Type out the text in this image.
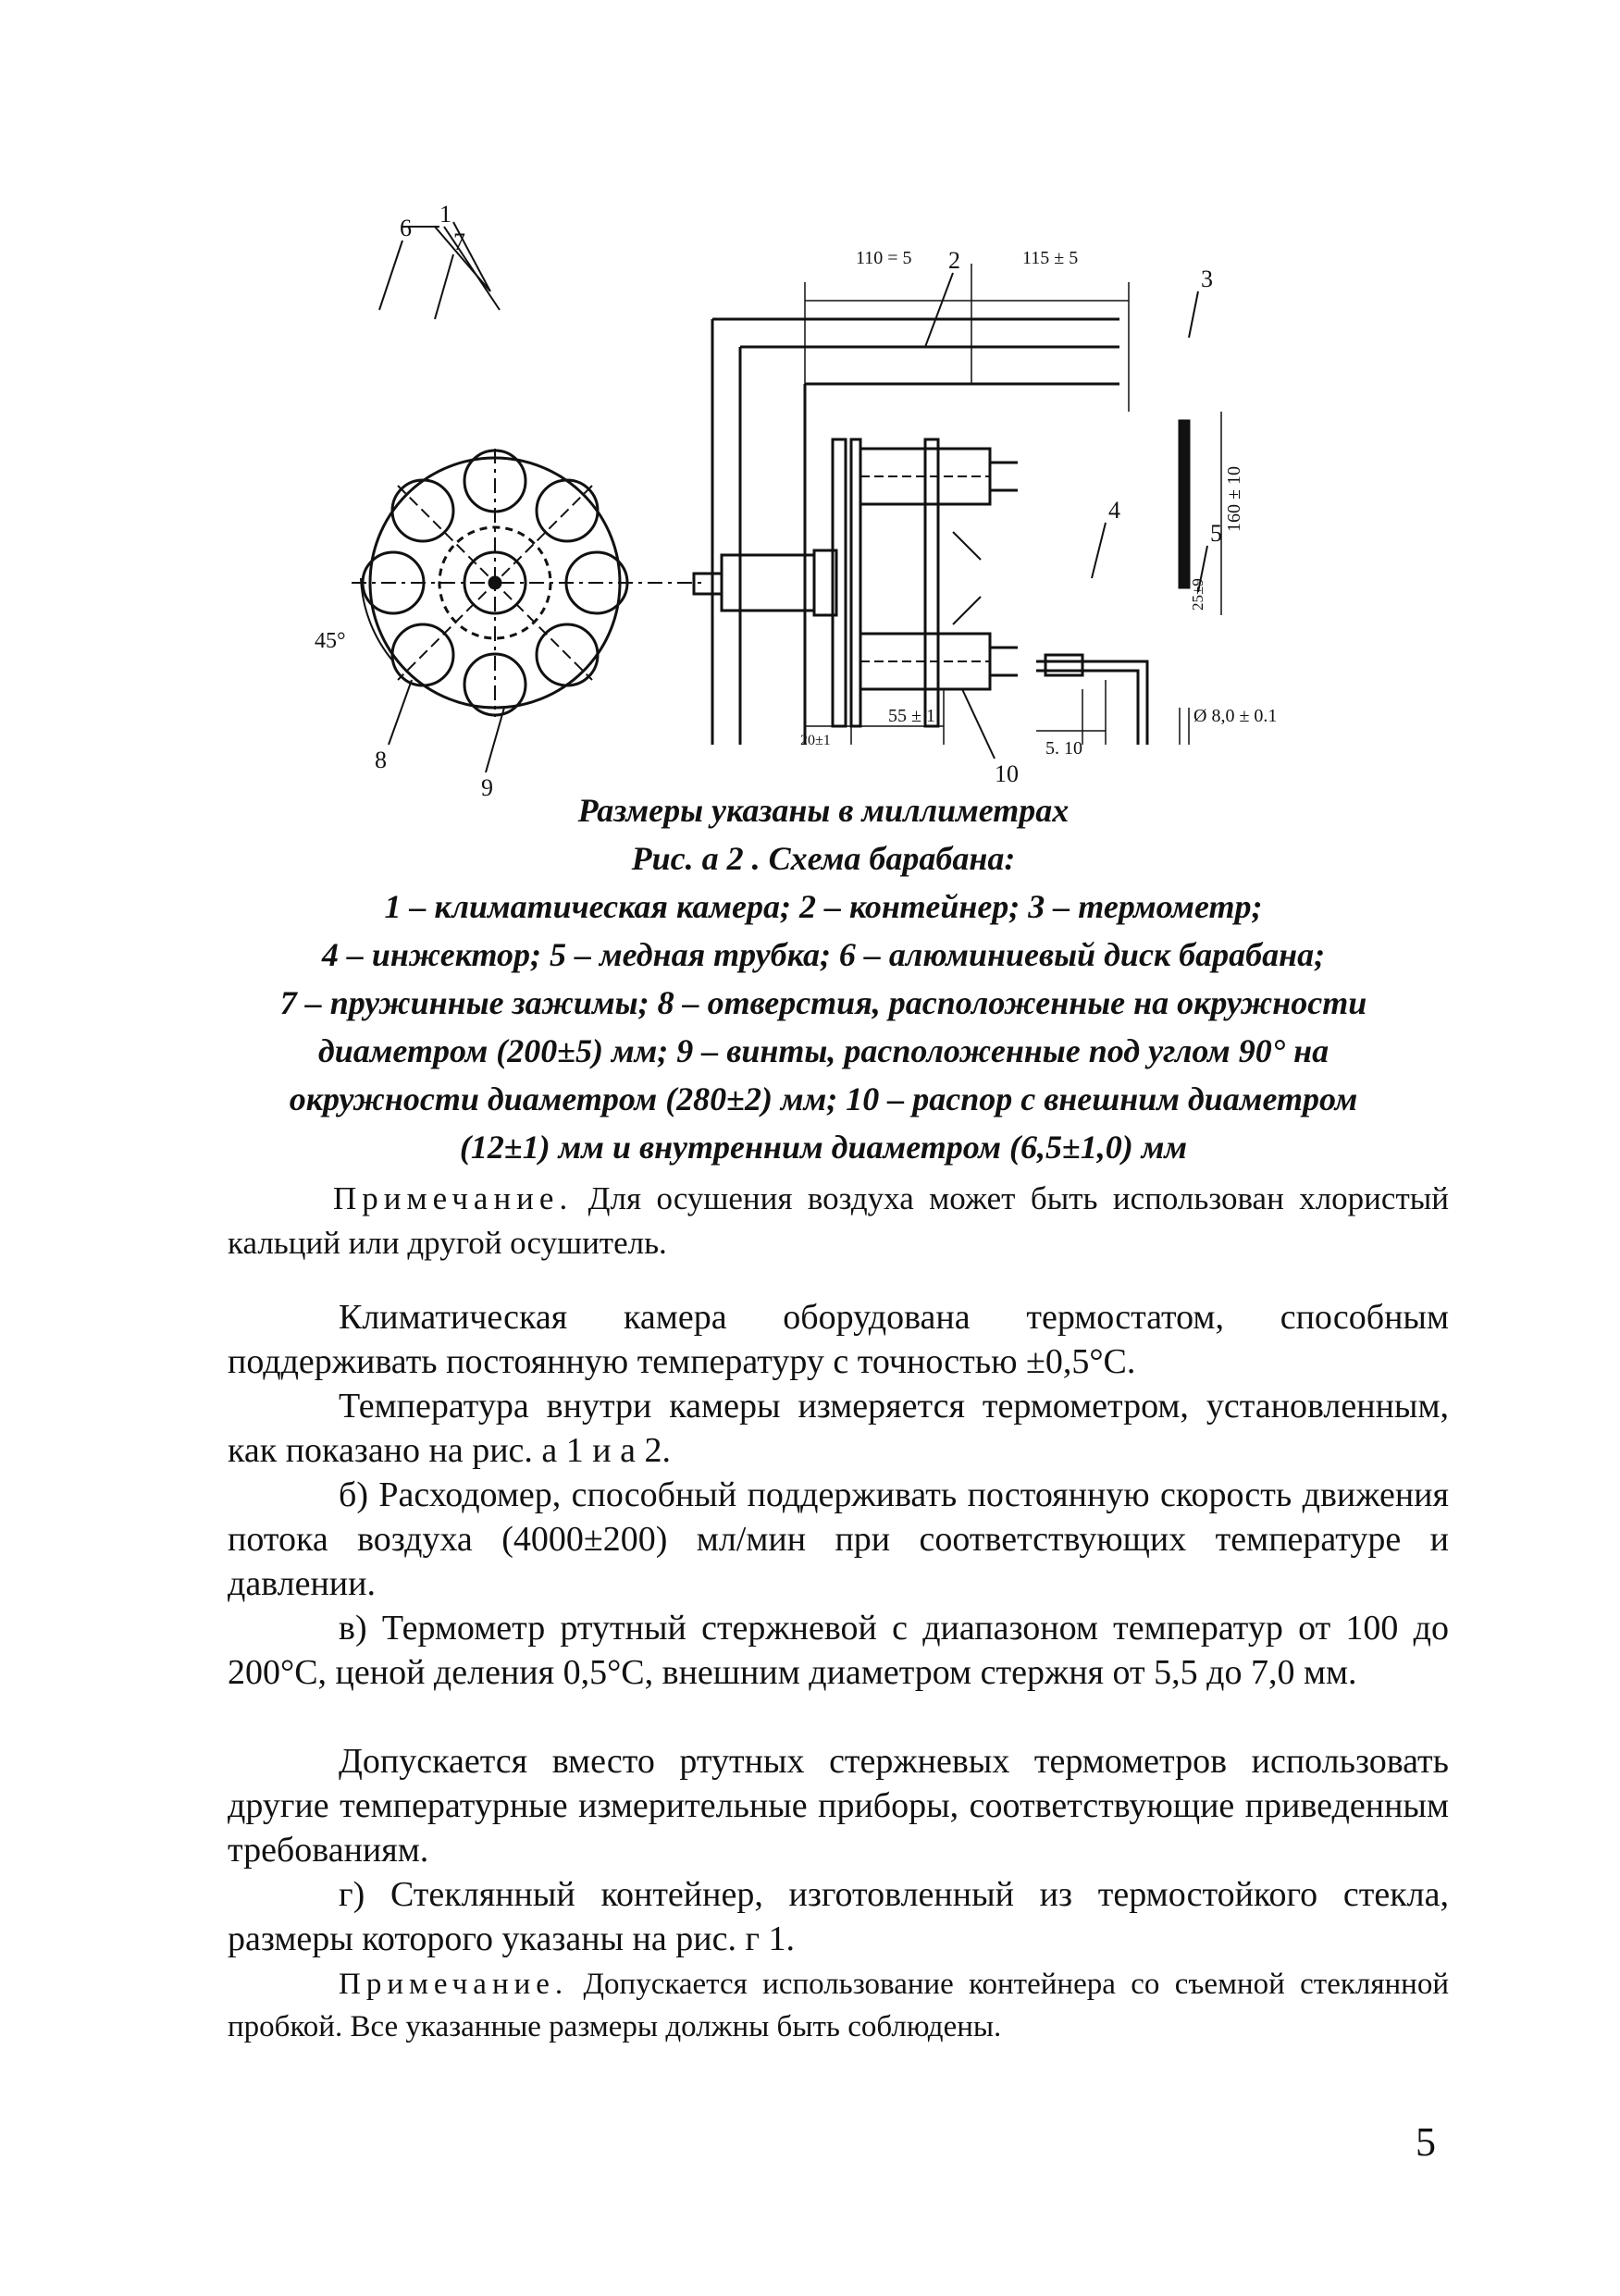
1
2
3
4
5
6
7
8
9
10
45°
110 = 5	115 ± 5
55 ± 1
20±1	5. 10
Ø 8,0 ± 0.1
160 ± 10
25±9
Размеры указаны в миллиметрах
Рис. а 2 . Схема барабана:
1 – климатическая камера; 2 – контейнер; 3 – термометр;
4 – инжектор; 5 – медная трубка; 6 – алюминиевый диск барабана;
7 – пружинные зажимы; 8 – отверстия, расположенные на окружности
диаметром (200±5) мм; 9 – винты, расположенные под углом 90° на
окружности диаметром (280±2) мм; 10 – распор с внешним диаметром
(12±1) мм и внутренним диаметром (6,5±1,0) мм
Примечание. Для осушения воздуха может быть использован хлористый кальций или другой осушитель.

Климатическая камера оборудована термостатом, способным поддерживать постоянную температуру с точностью ±0,5°С.

Температура внутри камеры измеряется термометром, установленным, как показано на рис. а 1 и а 2.

б) Расходомер, способный поддерживать постоянную скорость движения потока воздуха (4000±200) мл/мин при соответствующих температуре и давлении.

в) Термометр ртутный стержневой с диапазоном температур от 100 до 200°С, ценой деления 0,5°С, внешним диаметром стержня от 5,5 до 7,0 мм.

Допускается вместо ртутных стержневых термометров использовать другие температурные измерительные приборы, соответствующие приведенным требованиям.

г) Стеклянный контейнер, изготовленный из термостойкого стекла, размеры которого указаны на рис. г 1.

Примечание. Допускается использование контейнера со съемной стеклянной пробкой. Все указанные размеры должны быть соблюдены.
5
